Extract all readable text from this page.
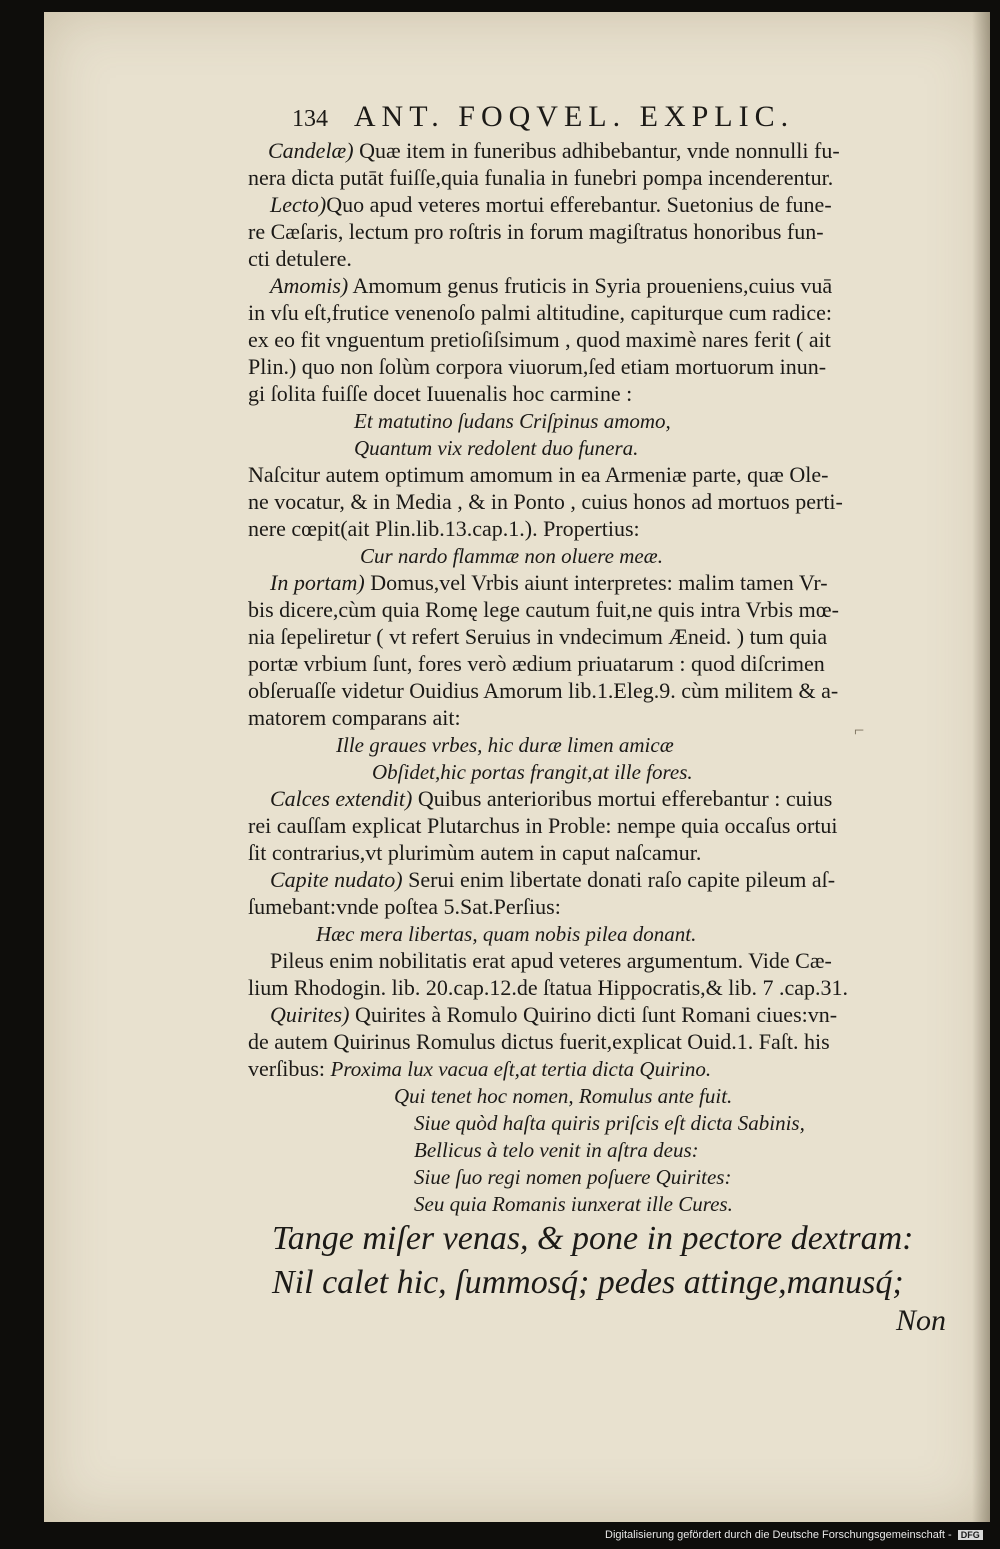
134 ANT. FOQVEL. EXPLIC.
Candelæ) Quæ item in funeribus adhibebantur, vnde nonnulli fu-
nera dicta putāt fuiſſe,quia funalia in funebri pompa incenderentur.
Lecto)Quo apud veteres mortui efferebantur. Suetonius de fune-
re Cæſaris, lectum pro roſtris in forum magiſtratus honoribus fun-
cti detulere.
Amomis) Amomum genus fruticis in Syria proueniens,cuius vuā
in vſu eſt,frutice venenoſo palmi altitudine, capiturque cum radice:
ex eo fit vnguentum pretioſiſsimum , quod maximè nares ferit ( ait
Plin.) quo non ſolùm corpora viuorum,ſed etiam mortuorum inun-
gi ſolita fuiſſe docet Iuuenalis hoc carmine :
Et matutino ſudans Criſpinus amomo,
Quantum vix redolent duo funera.
Naſcitur autem optimum amomum in ea Armeniæ parte, quæ Ole-
ne vocatur, & in Media , & in Ponto , cuius honos ad mortuos perti-
nere cœpit(ait Plin.lib.13.cap.1.). Propertius:
Cur nardo flammæ non oluere meæ.
In portam) Domus,vel Vrbis aiunt interpretes: malim tamen Vr-
bis dicere,cùm quia Romę lege cautum fuit,ne quis intra Vrbis mœ-
nia ſepeliretur ( vt refert Seruius in vndecimum Æneid. ) tum quia
portæ vrbium ſunt, fores verò ædium priuatarum : quod diſcrimen
obſeruaſſe videtur Ouidius Amorum lib.1.Eleg.9. cùm militem & a-
matorem comparans ait:
Ille graues vrbes, hic duræ limen amicæ
Obſidet,hic portas frangit,at ille fores.
Calces extendit) Quibus anterioribus mortui efferebantur : cuius
rei cauſſam explicat Plutarchus in Proble: nempe quia occaſus ortui
ſit contrarius,vt plurimùm autem in caput naſcamur.
Capite nudato) Serui enim libertate donati raſo capite pileum aſ-
ſumebant:vnde poſtea 5.Sat.Perſius:
Hæc mera libertas, quam nobis pilea donant.
Pileus enim nobilitatis erat apud veteres argumentum. Vide Cæ-
lium Rhodogin. lib. 20.cap.12.de ſtatua Hippocratis,& lib. 7 .cap.31.
Quirites) Quirites à Romulo Quirino dicti ſunt Romani ciues:vn-
de autem Quirinus Romulus dictus fuerit,explicat Ouid.1. Faſt. his
verſibus: Proxima lux vacua eſt,at tertia dicta Quirino.
Qui tenet hoc nomen, Romulus ante fuit.
Siue quòd haſta quiris priſcis eſt dicta Sabinis,
Bellicus à telo venit in aſtra deus:
Siue ſuo regi nomen poſuere Quirites:
Seu quia Romanis iunxerat ille Cures.
Tange miſer venas, & pone in pectore dextram:
Nil calet hic, ſummosq́; pedes attinge,manusq́;
Non
⌐
Digitalisierung gefördert durch die Deutsche Forschungsgemeinschaft - DFG
